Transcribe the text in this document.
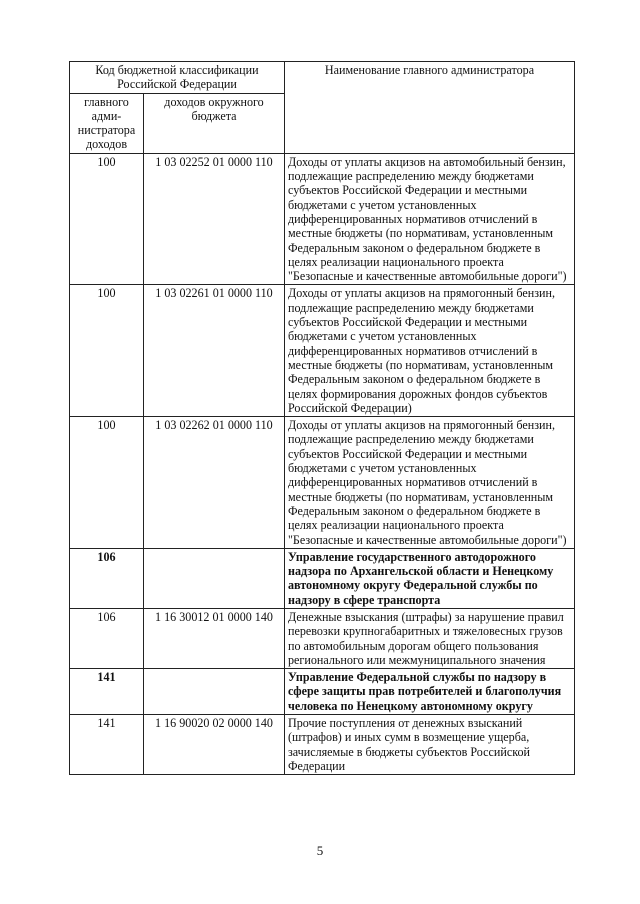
Код бюджетной классификации Российской Федерации		Наименование главного администратора
главного адми-нистратора доходов	доходов окружного бюджета	
100	1 03 02252 01 0000 110	Доходы от уплаты акцизов на автомобильный бензин, подлежащие распределению между бюджетами субъектов Российской Федерации и местными бюджетами с учетом установленных дифференцированных нормативов отчислений в местные бюджеты (по нормативам, установленным Федеральным законом о федеральном бюджете в целях реализации национального проекта "Безопасные и качественные автомобильные дороги")
100	1 03 02261 01 0000 110	Доходы от уплаты акцизов на прямогонный бензин, подлежащие распределению между бюджетами субъектов Российской Федерации и местными бюджетами с учетом установленных дифференцированных нормативов отчислений в местные бюджеты (по нормативам, установленным Федеральным законом о федеральном бюджете в целях формирования дорожных фондов субъектов Российской Федерации)
100	1 03 02262 01 0000 110	Доходы от уплаты акцизов на прямогонный бензин, подлежащие распределению между бюджетами субъектов Российской Федерации и местными бюджетами с учетом установленных дифференцированных нормативов отчислений в местные бюджеты (по нормативам, установленным Федеральным законом о федеральном бюджете в целях реализации национального проекта "Безопасные и качественные автомобильные дороги")
106		Управление государственного автодорожного надзора по Архангельской области и Ненецкому автономному округу Федеральной службы по надзору в сфере транспорта
106	1 16 30012 01 0000 140	Денежные взыскания (штрафы) за нарушение правил перевозки крупногабаритных и тяжеловесных грузов по автомобильным дорогам общего пользования регионального или межмуниципального значения
141		Управление Федеральной службы по надзору в сфере защиты прав потребителей и благополучия человека по Ненецкому автономному округу
141	1 16 90020 02 0000 140	Прочие поступления от денежных взысканий (штрафов) и иных сумм в возмещение ущерба, зачисляемые в бюджеты субъектов Российской Федерации
5
